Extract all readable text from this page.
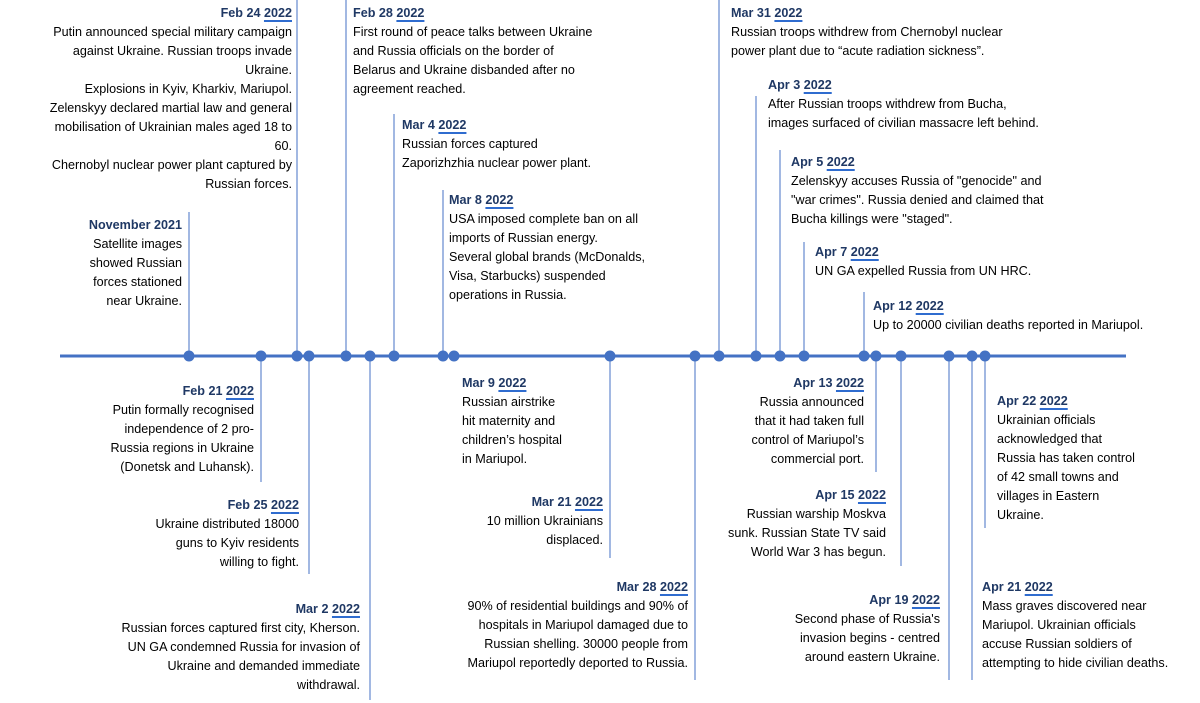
Feb 24 2022
Putin announced special military campaign
against Ukraine. Russian troops invade
Ukraine.
Explosions in Kyiv, Kharkiv, Mariupol.
Zelenskyy declared martial law and general
mobilisation of Ukrainian males aged 18 to
60.
Chernobyl nuclear power plant captured by
Russian forces.
November 2021
Satellite images
showed Russian
forces stationed
near Ukraine.
Feb 28 2022
First round of peace talks between Ukraine
and Russia officials on the border of
Belarus and Ukraine disbanded after no
agreement reached.
Mar 4 2022
Russian forces captured
Zaporizhzhia nuclear power plant.
Mar 8 2022
USA imposed complete ban on all
imports of Russian energy.
Several global brands (McDonalds,
Visa, Starbucks) suspended
operations in Russia.
Mar 31 2022
Russian troops withdrew from Chernobyl nuclear
power plant due to “acute radiation sickness”.
Apr 3 2022
After Russian troops withdrew from Bucha,
images surfaced of civilian massacre left behind.
Apr 5 2022
Zelenskyy accuses Russia of "genocide" and
"war crimes". Russia denied and claimed that
Bucha killings were "staged".
Apr 7 2022
UN GA expelled Russia from UN HRC.
Apr 12 2022
Up to 20000 civilian deaths reported in Mariupol.
Feb 21 2022
Putin formally recognised
independence of 2 pro-
Russia regions in Ukraine
(Donetsk and Luhansk).
Feb 25 2022
Ukraine distributed 18000
guns to Kyiv residents
willing to fight.
Mar 2 2022
Russian forces captured first city, Kherson.
UN GA condemned Russia for invasion of
Ukraine and demanded immediate
withdrawal.
Mar 9 2022
Russian airstrike
hit maternity and
children’s hospital
in Mariupol.
Mar 21 2022
10 million Ukrainians
displaced.
Mar 28 2022
90% of residential buildings and 90% of
hospitals in Mariupol damaged due to
Russian shelling. 30000 people from
Mariupol reportedly deported to Russia.
Apr 13 2022
Russia announced
that it had taken full
control of Mariupol’s
commercial port.
Apr 15 2022
Russian warship Moskva
sunk. Russian State TV said
World War 3 has begun.
Apr 19 2022
Second phase of Russia's
invasion begins - centred
around eastern Ukraine.
Apr 22 2022
Ukrainian officials
acknowledged that
Russia has taken control
of 42 small towns and
villages in Eastern
Ukraine.
Apr 21 2022
Mass graves discovered near
Mariupol. Ukrainian officials
accuse Russian soldiers of
attempting to hide civilian deaths.
